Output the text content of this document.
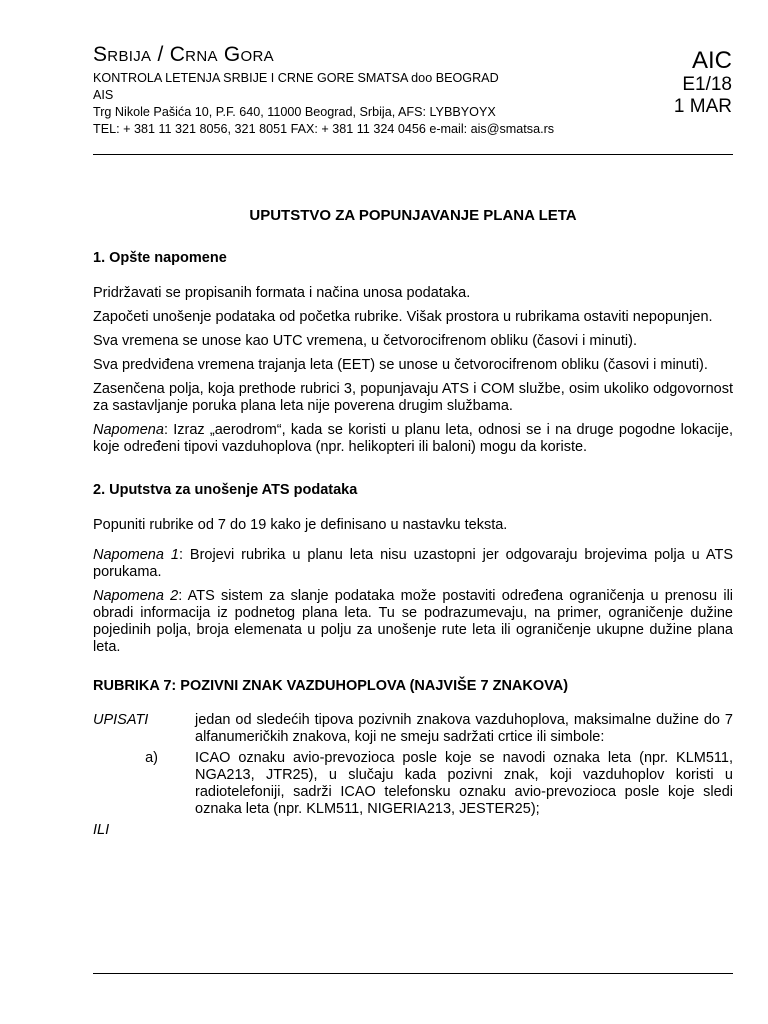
Srbija / Crna Gora
KONTROLA LETENJA SRBIJE I CRNE GORE SMATSA doo BEOGRAD
AIS
Trg Nikole Pašića 10, P.F. 640, 11000 Beograd, Srbija, AFS: LYBBYOYX
TEL: + 381 11 321 8056, 321 8051 FAX: + 381 11 324 0456 e-mail: ais@smatsa.rs
AIC
E1/18
1 MAR
UPUTSTVO ZA POPUNJAVANJE PLANA LETA
1. Opšte napomene

Pridržavati se propisanih formata i načina unosa podataka.

Započeti unošenje podataka od početka rubrike. Višak prostora u rubrikama ostaviti nepopunjen.

Sva vremena se unose kao UTC vremena, u četvorocifrenom obliku (časovi i minuti).

Sva predviđena vremena trajanja leta (EET) se unose u četvorocifrenom obliku (časovi i minuti).

Zasenčena polja, koja prethode rubrici 3, popunjavaju ATS i COM službe, osim ukoliko odgovornost za sastavljanje poruka plana leta nije poverena drugim službama.

Napomena: Izraz „aerodrom“, kada se koristi u planu leta, odnosi se i na druge pogodne lokacije, koje određeni tipovi vazduhoplova (npr. helikopteri ili baloni) mogu da koriste.

2. Uputstva za unošenje ATS podataka

Popuniti rubrike od 7 do 19 kako je definisano u nastavku teksta.

Napomena 1: Brojevi rubrika u planu leta nisu uzastopni jer odgovaraju brojevima polja u ATS porukama.

Napomena 2: ATS sistem za slanje podataka može postaviti određena ograničenja u prenosu ili obradi informacija iz podnetog plana leta. Tu se podrazumevaju, na primer, ograničenje dužine pojedinih polja, broja elemenata u polju za unošenje rute leta ili ograničenje ukupne dužine plana leta.

RUBRIKA 7: POZIVNI ZNAK VAZDUHOPLOVA (NAJVIŠE 7 ZNAKOVA)
UPISATI	jedan od sledećih tipova pozivnih znakova vazduhoplova, maksimalne dužine do 7 alfanumeričkih znakova, koji ne smeju sadržati crtice ili simbole:
a)	ICAO oznaku avio-prevozioca posle koje se navodi oznaka leta (npr. KLM511, NGA213, JTR25), u slučaju kada pozivni znak, koji vazduhoplov koristi u radiotelefoniji, sadrži ICAO telefonsku oznaku avio-prevozioca posle koje sledi oznaka leta (npr. KLM511, NIGERIA213, JESTER25);
ILI
